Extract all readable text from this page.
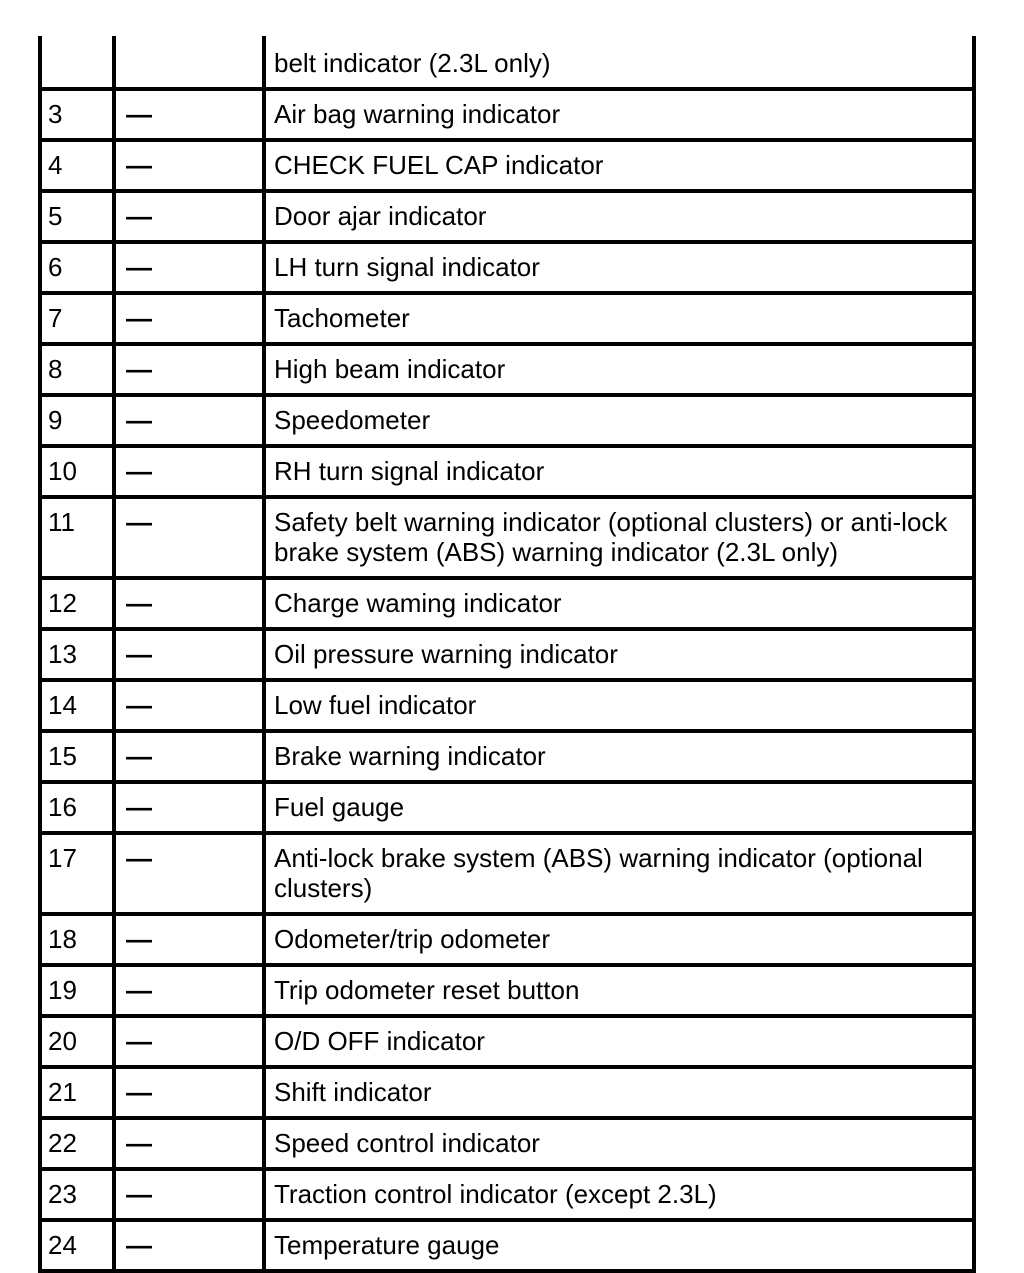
		belt indicator (2.3L only)
3	—	Air bag warning indicator
4	—	CHECK FUEL CAP indicator
5	—	Door ajar indicator
6	—	LH turn signal indicator
7	—	Tachometer
8	—	High beam indicator
9	—	Speedometer
10	—	RH turn signal indicator
11	—	Safety belt warning indicator (optional clusters) or anti-lock brake system (ABS) warning indicator (2.3L only)
12	—	Charge waming indicator
13	—	Oil pressure warning indicator
14	—	Low fuel indicator
15	—	Brake warning indicator
16	—	Fuel gauge
17	—	Anti-lock brake system (ABS) warning indicator (optional clusters)
18	—	Odometer/trip odometer
19	—	Trip odometer reset button
20	—	O/D OFF indicator
21	—	Shift indicator
22	—	Speed control indicator
23	—	Traction control indicator (except 2.3L)
24	—	Temperature gauge
